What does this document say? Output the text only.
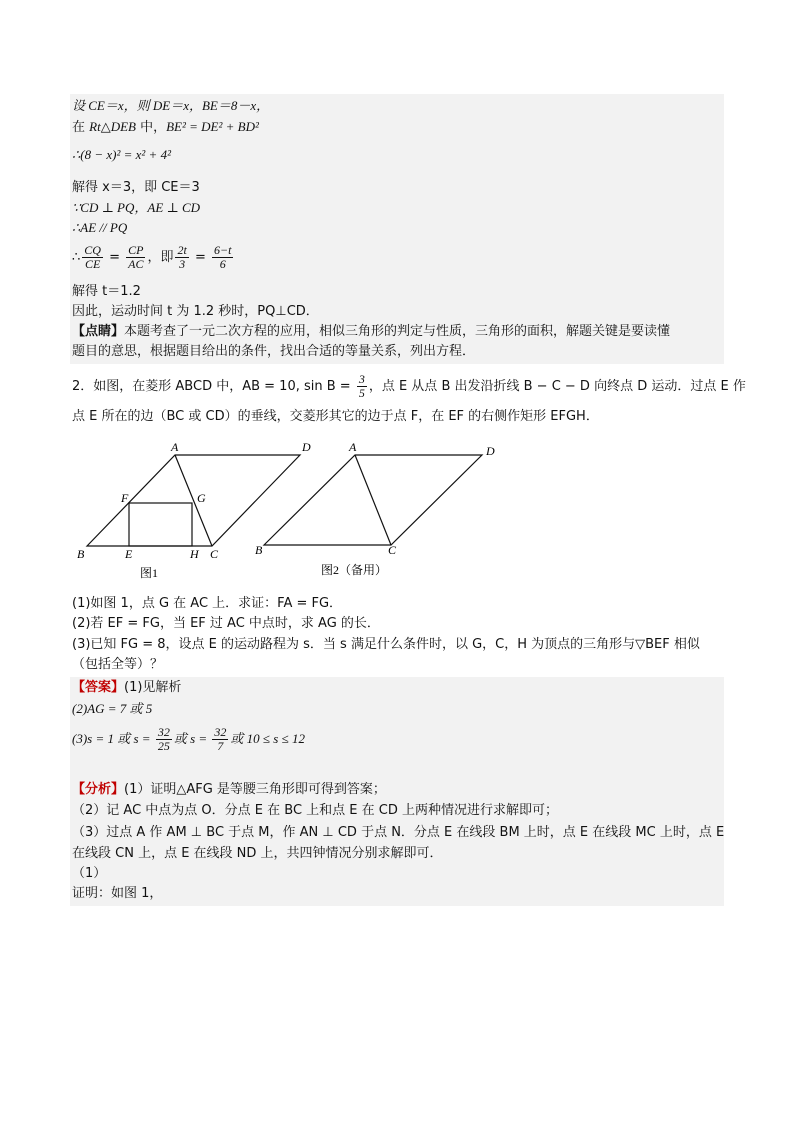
设 CE＝x，则 DE＝x，BE＝8－x，
在 Rt△DEB 中，BE² = DE² + BD²
∴(8 − x)² = x² + 4²
解得 x＝3，即 CE＝3
∵CD ⊥ PQ，AE ⊥ CD
∴AE // PQ
∴ $\frac{CQ}{CE} = \frac{CP}{AC}$ ，即 $\frac{2t}{3} = \frac{6-t}{6}$
解得 t＝1.2
因此，运动时间 t 为 1.2 秒时，PQ⊥CD．
【点睛】本题考查了一元二次方程的应用，相似三角形的判定与性质，三角形的面积，解题关键是要读懂
题目的意思，根据题目给出的条件，找出合适的等量关系，列出方程．
2．如图，在菱形 ABCD 中，AB = 10, $\sin B = \frac{3}{5}$ ，点 E 从点 B 出发沿折线 B − C − D 向终点 D 运动．过点 E 作
点 E 所在的边（BC 或 CD）的垂线，交菱形其它的边于点 F，在 EF 的右侧作矩形 EFGH．
A	D
F	G
B	E	H C
图1
A	D
B	C
图2（备用）
(1)如图 1，点 G 在 AC 上．求证：FA = FG．
(2)若 EF = FG，当 EF 过 AC 中点时，求 AG 的长．
(3)已知 FG = 8，设点 E 的运动路程为 s．当 s 满足什么条件时，以 G，C，H 为顶点的三角形与▽BEF 相似
（包括全等）？
【答案】(1)见解析
(2)AG = 7 或 5
(3)s = 1 或 $s = \frac{32}{25}$ 或 $s = \frac{32}{7}$ 或 10 ≤ s ≤ 12
【分析】(1）证明△AFG 是等腰三角形即可得到答案；
（2）记 AC 中点为点 O．分点 E 在 BC 上和点 E 在 CD 上两种情况进行求解即可；
（3）过点 A 作 AM ⊥ BC 于点 M，作 AN ⊥ CD 于点 N．分点 E 在线段 BM 上时，点 E 在线段 MC 上时，点 E
在线段 CN 上，点 E 在线段 ND 上，共四钟情况分别求解即可．
（1）
证明：如图 1，
